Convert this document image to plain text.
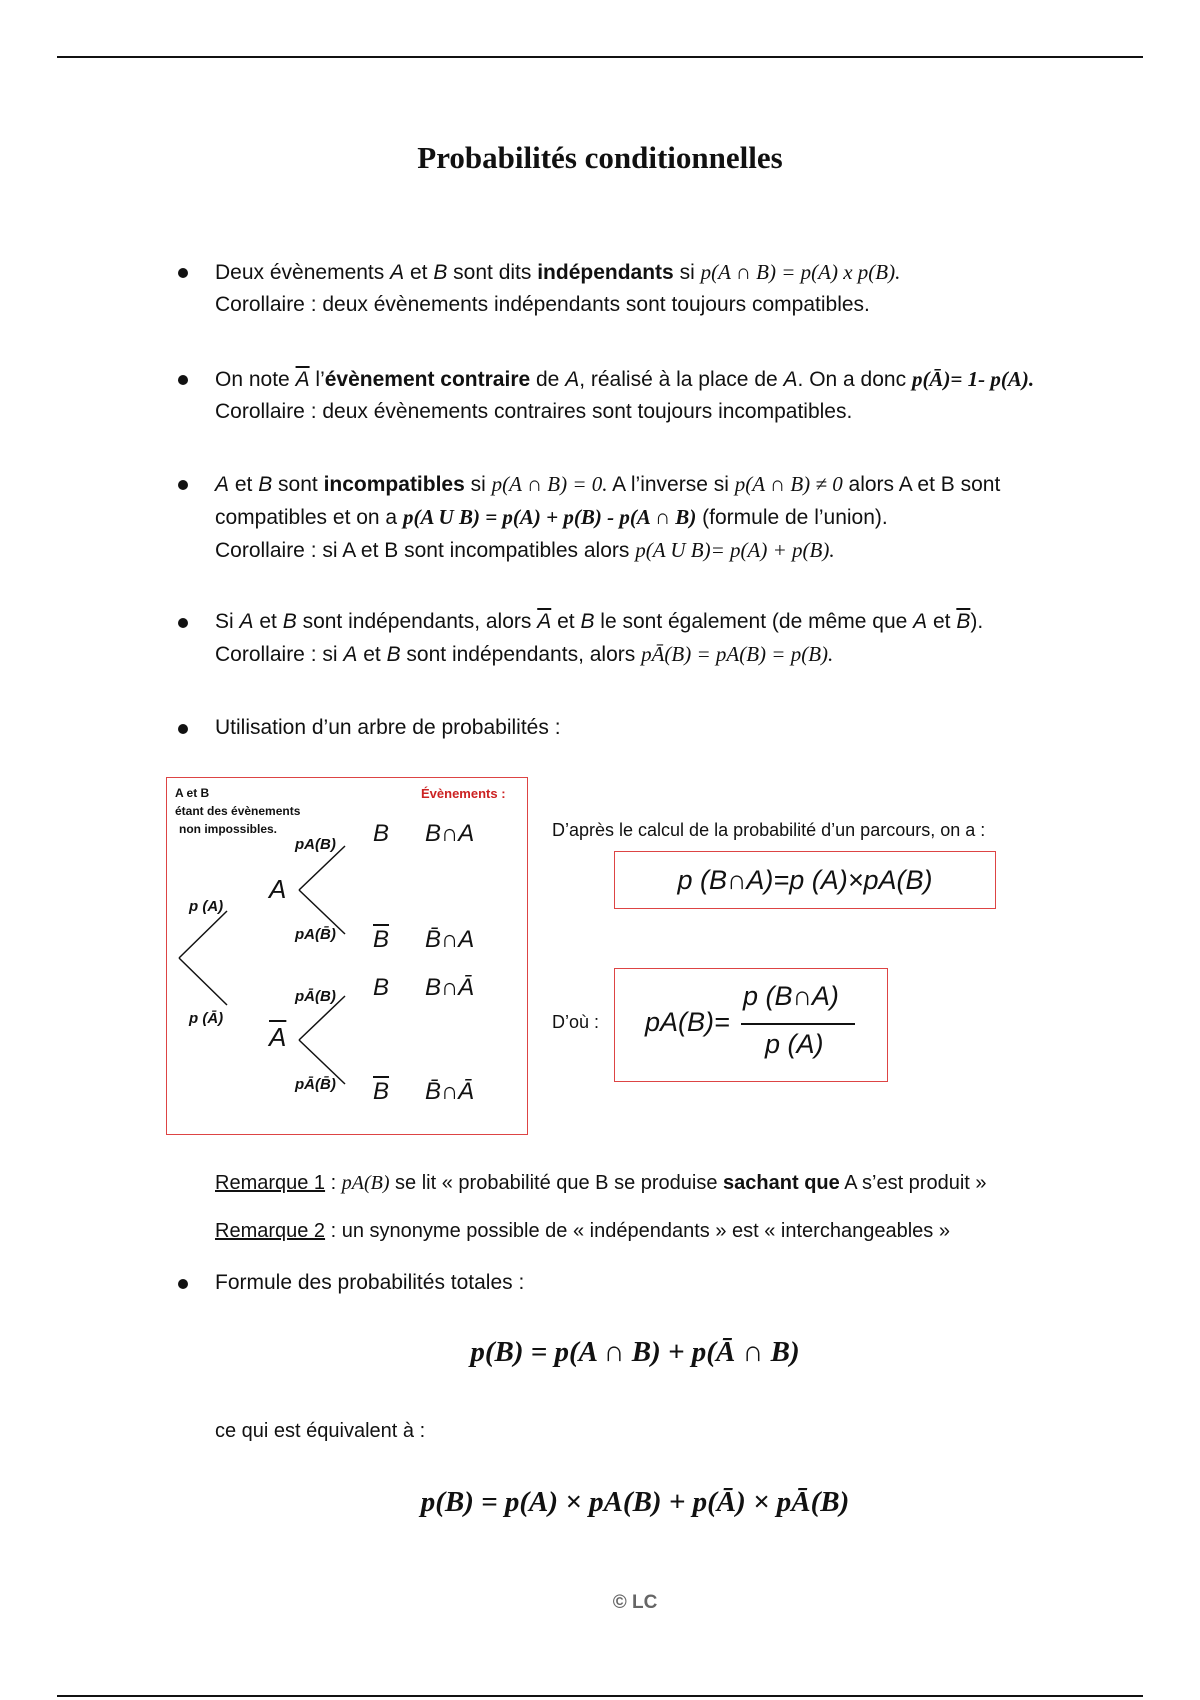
Probabilités conditionnelles
Deux évènements A et B sont dits indépendants si p(A ∩ B) = p(A) x p(B).
Corollaire : deux évènements indépendants sont toujours compatibles.
On note $\overline{A}$ l’évènement contraire de A, réalisé à la place de A. On a donc p(Ā)= 1- p(A).
Corollaire : deux évènements contraires sont toujours incompatibles.
A et B sont incompatibles si p(A ∩ B) = 0. A l’inverse si p(A ∩ B) ≠ 0 alors A et B sont
compatibles et on a p(A U B) = p(A) + p(B) - p(A ∩ B) (formule de l’union).
Corollaire : si A et B sont incompatibles alors p(A U B)= p(A) + p(B).
Si A et B sont indépendants, alors $\overline{A}$ et B le sont également (de même que A et $\overline{B}$).
Corollaire : si A et B sont indépendants, alors pĀ(B) = pA(B) = p(B).
Utilisation d’un arbre de probabilités :
A et B
étant des évènements
non impossibles.
Évènements :
p (A)
p (Ā)
A
$\overline{A}$
pA(B)
pA(B̄)
pĀ(B)
pĀ(B̄)
B
$\overline{B}$
B
$\overline{B}$
B∩A
B̄∩A
B∩Ā
B̄∩Ā
D’après le calcul de la probabilité d’un parcours, on a :
p (B∩A)=p (A)×pA(B)
D’où : pA(B)=
p (B∩A)
p (A)
Remarque 1 : pA(B) se lit « probabilité que B se produise sachant que A s’est produit »
Remarque 2 : un synonyme possible de « indépendants » est « interchangeables »
Formule des probabilités totales :
p(B) = p(A ∩ B) + p(Ā ∩ B)
ce qui est équivalent à :
p(B) = p(A) × pA(B) + p(Ā) × pĀ(B)
© LC
